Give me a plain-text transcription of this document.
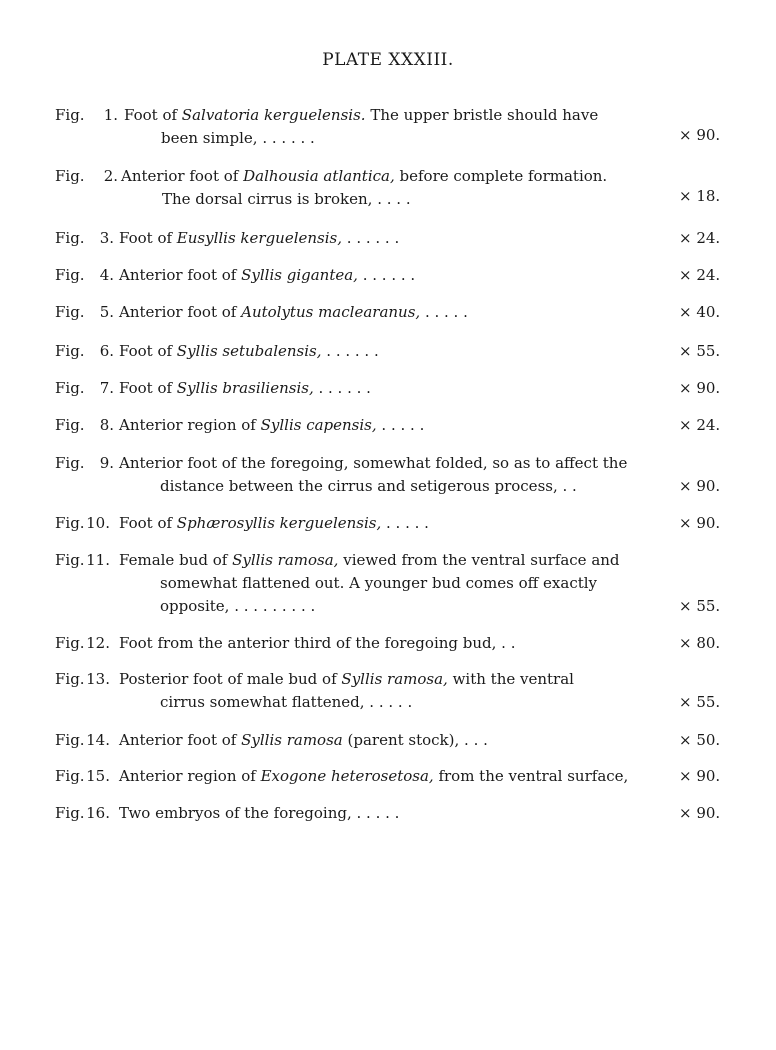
PLATE XXXIII.
Fig.	1. Foot of Salvatoria kerguelensis. The upper bristle should have
been simple, . . . . . .	× 90.
Fig.	2. Anterior foot of Dalhousia atlantica, before complete formation.
The dorsal cirrus is broken, . . . .	× 18.
Fig.	3. Foot of Eusyllis kerguelensis, . . . . . .	× 24.
Fig.	4. Anterior foot of Syllis gigantea, . . . . . .	× 24.
Fig.	5. Anterior foot of Autolytus maclearanus, . . . . .	× 40.
Fig.	6. Foot of Syllis setubalensis, . . . . . .	× 55.
Fig.	7. Foot of Syllis brasiliensis, . . . . . .	× 90.
Fig.	8. Anterior region of Syllis capensis, . . . . .	× 24.
Fig.	9. Anterior foot of the foregoing, somewhat folded, so as to affect the
distance between the cirrus and setigerous process, . .	× 90.
Fig. 10. Foot of Sphærosyllis kerguelensis, . . . . .	× 90.
Fig. 11. Female bud of Syllis ramosa, viewed from the ventral surface and
somewhat flattened out. A younger bud comes off exactly
opposite, . . . . . . . . .	× 55.
Fig. 12. Foot from the anterior third of the foregoing bud, . .	× 80.
Fig. 13. Posterior foot of male bud of Syllis ramosa, with the ventral
cirrus somewhat flattened, . . . . .	× 55.
Fig. 14. Anterior foot of Syllis ramosa (parent stock), . . .	× 50.
Fig. 15. Anterior region of Exogone heterosetosa, from the ventral surface,	× 90.
Fig. 16. Two embryos of the foregoing, . . . . .	× 90.
